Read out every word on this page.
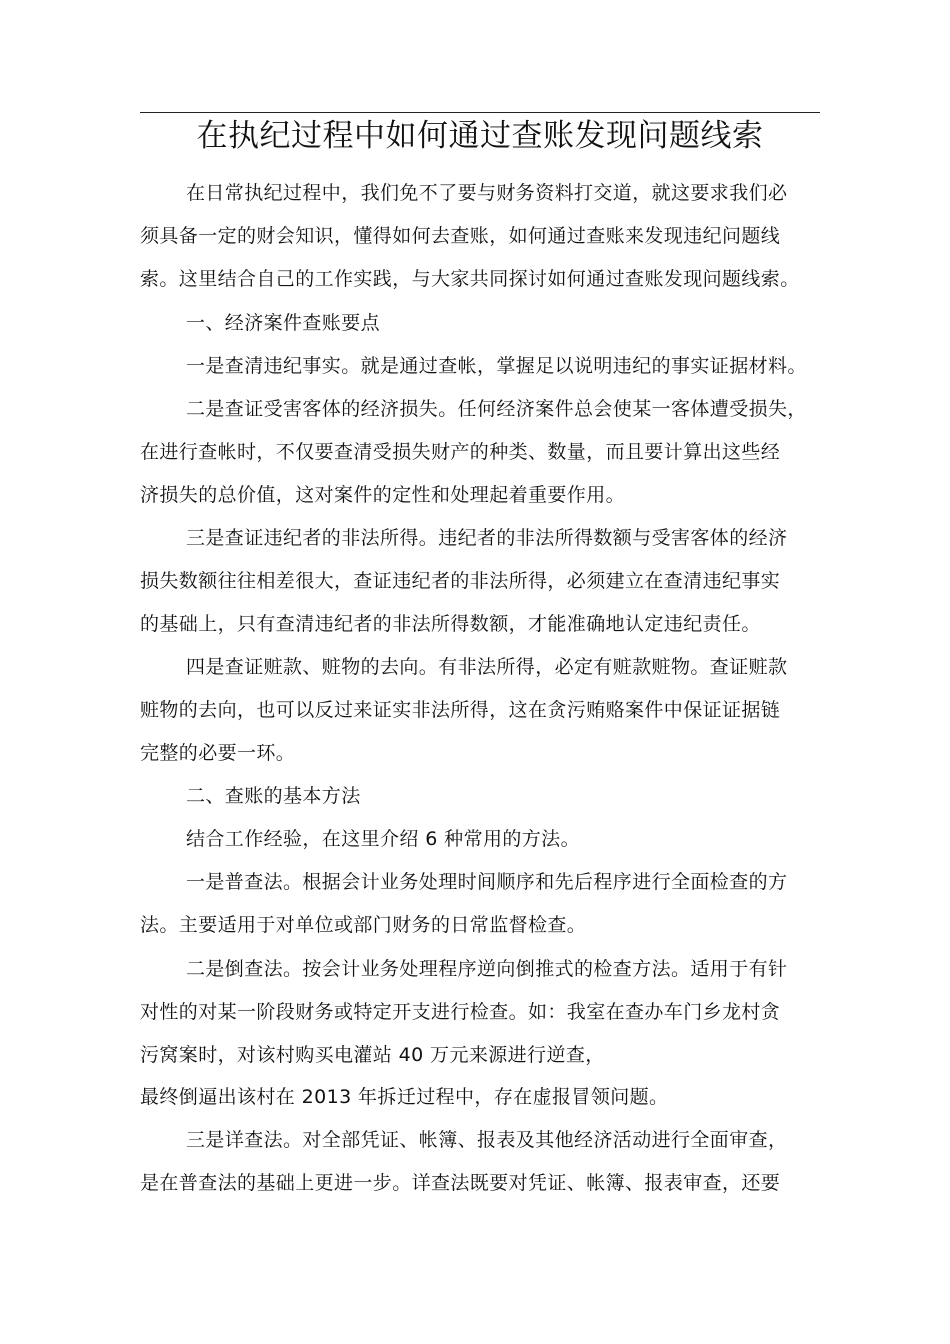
在执纪过程中如何通过查账发现问题线索

在日常执纪过程中，我们免不了要与财务资料打交道，就这要求我们必

须具备一定的财会知识，懂得如何去查账，如何通过查账来发现违纪问题线

索。这里结合自己的工作实践，与大家共同探讨如何通过查账发现问题线索。

一、经济案件查账要点

一是查清违纪事实。就是通过查帐，掌握足以说明违纪的事实证据材料。

二是查证受害客体的经济损失。任何经济案件总会使某一客体遭受损失，

在进行查帐时，不仅要查清受损失财产的种类、数量，而且要计算出这些经

济损失的总价值，这对案件的定性和处理起着重要作用。

三是查证违纪者的非法所得。违纪者的非法所得数额与受害客体的经济

损失数额往往相差很大，查证违纪者的非法所得，必须建立在查清违纪事实

的基础上，只有查清违纪者的非法所得数额，才能准确地认定违纪责任。

四是查证赃款、赃物的去向。有非法所得，必定有赃款赃物。查证赃款

赃物的去向，也可以反过来证实非法所得，这在贪污贿赂案件中保证证据链

完整的必要一环。

二、查账的基本方法

结合工作经验，在这里介绍 6 种常用的方法。

一是普查法。根据会计业务处理时间顺序和先后程序进行全面检查的方

法。主要适用于对单位或部门财务的日常监督检查。

二是倒查法。按会计业务处理程序逆向倒推式的检查方法。适用于有针

对性的对某一阶段财务或特定开支进行检查。如：我室在查办车门乡龙村贪

污窝案时，对该村购买电灌站 40 万元来源进行逆查，

最终倒逼出该村在 2013 年拆迁过程中，存在虚报冒领问题。

三是详查法。对全部凭证、帐簿、报表及其他经济活动进行全面审查，

是在普查法的基础上更进一步。详查法既要对凭证、帐簿、报表审查，还要
